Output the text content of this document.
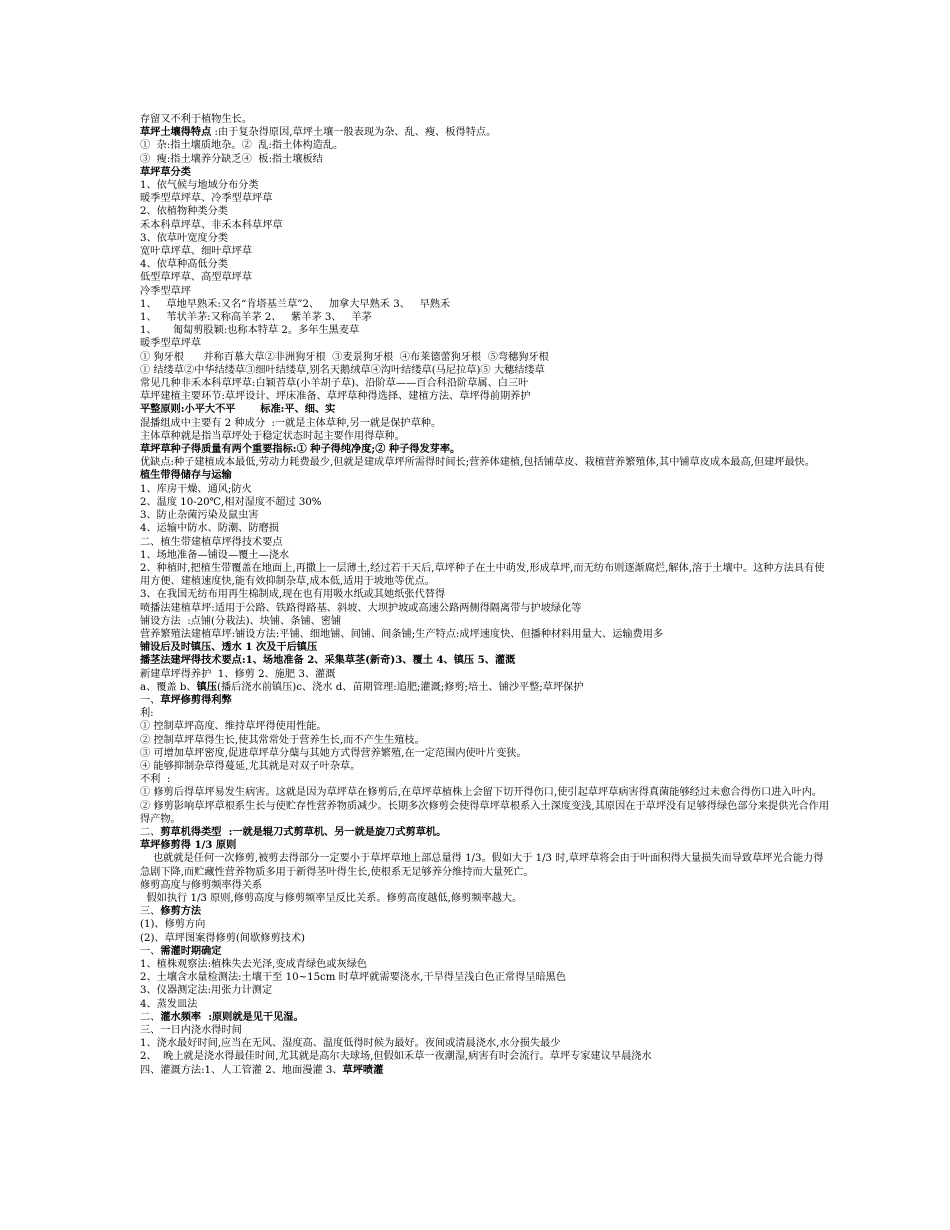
存留又不利于植物生长。

草坪土壤得特点 :由于复杂得原因,草坪土壤一般表现为杂、乱、瘦、板得特点。

①  杂:指土壤质地杂。②  乱:指土体构造乱。

③  瘦:指土壤养分缺乏④  板:指土壤板结

草坪草分类

1、依气候与地域分布分类

暖季型草坪草、冷季型草坪草

2、依植物种类分类

禾本科草坪草、非禾本科草坪草

3、依草叶宽度分类

宽叶草坪草、细叶草坪草

4、依草种高低分类

低型草坪草、高型草坪草

冷季型草坪

1、   草地早熟禾:又名“肯塔基兰草”2、   加拿大早熟禾 3、   早熟禾

1、   苇状羊茅:又称高羊茅 2、   紫羊茅 3、   羊茅

1、     匍匐剪股颖:也称本特草 2。多年生黑麦草

暖季型草坪草

① 狗牙根      并称百慕大草②非洲狗牙根  ③麦景狗牙根  ④布莱德蕾狗牙根  ⑤弯穗狗牙根

① 结缕草②中华结缕草③细叶结缕草,别名天鹅绒草④沟叶结缕草(马尼拉草)⑤ 大穗结缕草

常见几种非禾本科草坪草:白颖苔草(小羊胡子草)、沿阶草——百合科沿阶草属、白三叶

草坪建植主要环节:草坪设计、坪床准备、草坪草种得选择、建植方法、草坪得前期养护

平整原则:小平大不平       标准:平、细、实

混播组成中主要有 2 种成分  :一就是主体草种,另一就是保护草种。

主体草种就是指当草坪处于稳定状态时起主要作用得草种。

草坪草种子得质量有两个重要指标:① 种子得纯净度;② 种子得发芽率。

优缺点:种子建植成本最低,劳动力耗费最少,但就是建成草坪所需得时间长;营养体建植,包括铺草皮、栽植营养繁殖体,其中铺草皮成本最高,但建坪最快。

植生带得储存与运输

1、库房干燥、通风;防火

2、温度 10-20℃,相对湿度不超过 30%

3、防止杂菌污染及鼠虫害

4、运输中防水、防潮、防磨损

二、植生带建植草坪得技术要点

1、场地准备—铺设—覆土—浇水

2、种植时,把植生带覆盖在地面上,再撒上一层薄土,经过若干天后,草坪种子在土中萌发,形成草坪,而无纺布则逐渐腐烂,解体,溶于土壤中。这种方法具有使用方便、建植速度快,能有效抑制杂草,成本低,适用于坡地等优点。

3、在我国无纺布用再生棉制成,现在也有用吸水纸或其她纸张代替得

喷播法建植草坪:适用于公路、铁路得路基、斜坡、大坝护坡或高速公路两侧得隔离带与护坡绿化等

铺设方法  :点铺(分栽法)、块铺、条铺、密铺

营养繁殖法建植草坪:铺设方法:平铺、细地铺、间铺、间条铺;生产特点:成坪速度快、但播种材料用量大、运输费用多

铺设后及时镇压、透水 1 次及干后镇压

播茎法建坪得技术要点:1、场地准备 2、采集草茎(新奇)3、覆土 4、镇压 5、灌溉

新建草坪得养护  1、修剪 2、施肥 3、灌溉

a、覆盖 b、镇压(播后浇水前镇压)c、浇水 d、苗期管理:追肥;灌溉;修剪;培土、铺沙平整;草坪保护

一、草坪修剪得利弊

利:

① 控制草坪高度、维持草坪得使用性能。

② 控制草坪草得生长,使其常常处于营养生长,而不产生生殖枝。

③ 可增加草坪密度,促进草坪草分蘖与其她方式得营养繁殖,在一定范围内使叶片变狭。

④ 能够抑制杂草得蔓延,尤其就是对双子叶杂草。

不利  :

① 修剪后得草坪易发生病害。这就是因为草坪草在修剪后,在草坪草植株上会留下切开得伤口,使引起草坪草病害得真菌能够经过未愈合得伤口进入叶内。

② 修剪影响草坪草根系生长与使贮存性营养物质减少。长期多次修剪会使得草坪草根系入土深度变浅,其原因在于草坪没有足够得绿色部分来提供光合作用得产物。

二、剪草机得类型  :一就是辊刀式剪草机、另一就是旋刀式剪草机。

草坪修剪得 1/3 原则

也就就是任何一次修剪,被剪去得部分一定要小于草坪草地上部总量得 1/3。假如大于 1/3 时,草坪草将会由于叶面积得大量损失而导致草坪光合能力得急剧下降,而贮藏性营养物质多用于新得茎叶得生长,使根系无足够养分维持而大量死亡。

修剪高度与修剪频率得关系

假如执行 1/3 原则,修剪高度与修剪频率呈反比关系。修剪高度越低,修剪频率越大。

三、修剪方法

(1)、修剪方向

(2)、草坪图案得修剪(间歇修剪技术)

一、需灌时期确定

1、植株观察法:植株失去光泽,变成青绿色或灰绿色

2、土壤含水量检测法:土壤干至 10~15cm 时草坪就需要浇水,干旱得呈浅白色正常得呈暗黑色

3、仪器测定法:用张力计测定

4、蒸发皿法

二、灌水频率  :原则就是见干见湿。

三、一日内浇水得时间

1、浇水最好时间,应当在无风、湿度高、温度低得时候为最好。夜间或清晨浇水,水分损失最少

2、  晚上就是浇水得最佳时间,尤其就是高尔夫球场,但假如禾草一夜潮湿,病害有时会流行。草坪专家建议早晨浇水

四、灌溉方法:1、人工管灌 2、地面漫灌 3、草坪喷灌
